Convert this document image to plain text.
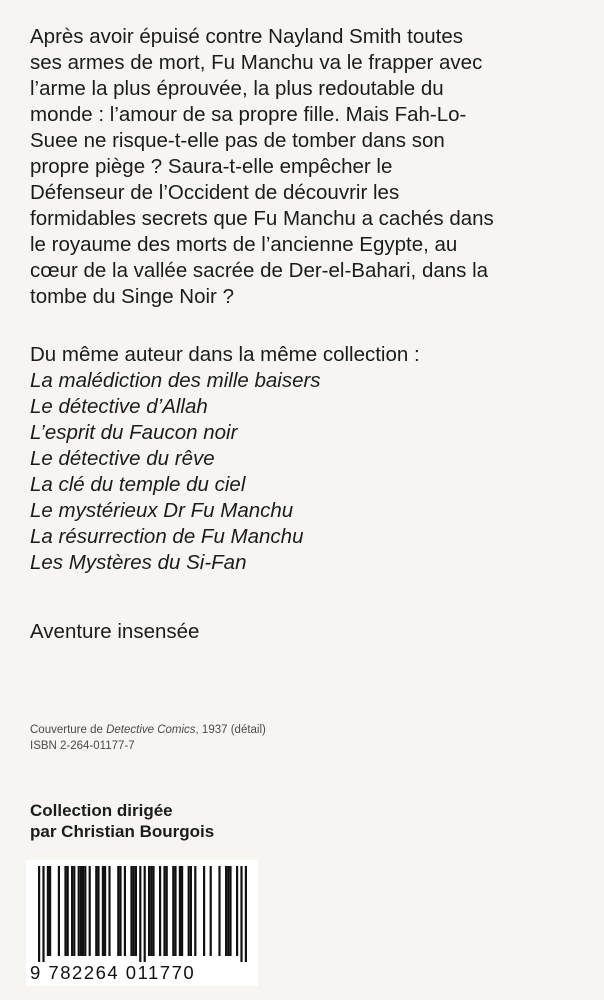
Après avoir épuisé contre Nayland Smith toutes
ses armes de mort, Fu Manchu va le frapper avec
l’arme la plus éprouvée, la plus redoutable du
monde : l’amour de sa propre fille. Mais Fah-Lo-
Suee ne risque-t-elle pas de tomber dans son
propre piège ? Saura-t-elle empêcher le
Défenseur de l’Occident de découvrir les
formidables secrets que Fu Manchu a cachés dans
le royaume des morts de l’ancienne Egypte, au
cœur de la vallée sacrée de Der-el-Bahari, dans la
tombe du Singe Noir ?

Du même auteur dans la même collection :

La malédiction des mille baisers
Le détective d’Allah
L’esprit du Faucon noir
Le détective du rêve
La clé du temple du ciel
Le mystérieux Dr Fu Manchu
La résurrection de Fu Manchu
Les Mystères du Si-Fan

Aventure insensée

Couverture de Detective Comics, 1937 (détail)
ISBN 2-264-01177-7
Collection dirigée
par Christian Bourgois
9 782264 011770
